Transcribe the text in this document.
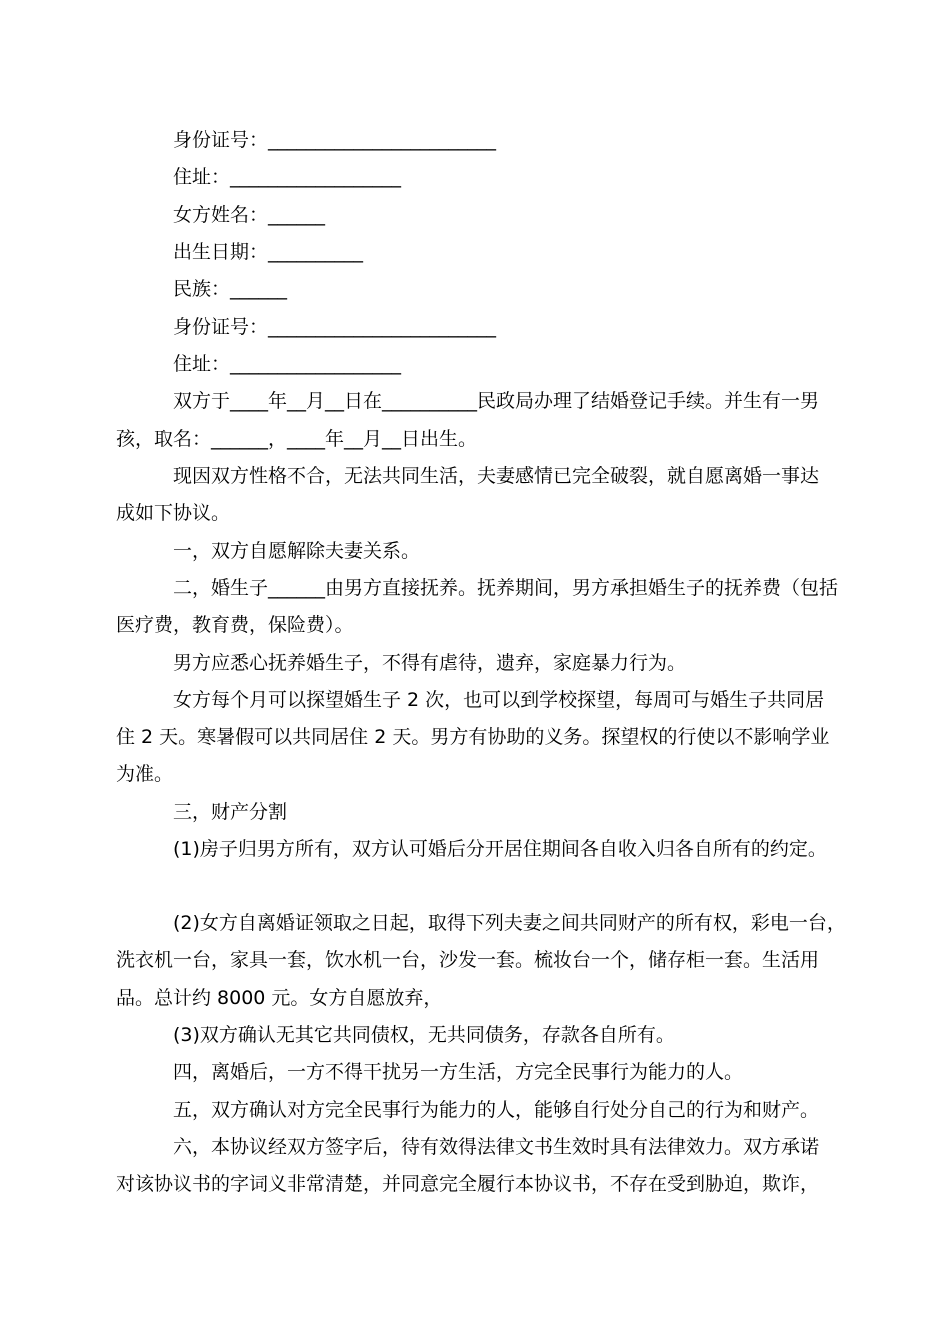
身份证号：________________________
住址：__________________
女方姓名：______
出生日期：__________
民族：______
身份证号：________________________
住址：__________________
双方于____年__月__日在__________民政局办理了结婚登记手续。并生有一男
孩，取名：______，____年__月__日出生。
现因双方性格不合，无法共同生活，夫妻感情已完全破裂，就自愿离婚一事达
成如下协议。
一，双方自愿解除夫妻关系。
二，婚生子______由男方直接抚养。抚养期间，男方承担婚生子的抚养费（包括
医疗费，教育费，保险费）。
男方应悉心抚养婚生子，不得有虐待，遗弃，家庭暴力行为。
女方每个月可以探望婚生子 2 次，也可以到学校探望，每周可与婚生子共同居
住 2 天。寒暑假可以共同居住 2 天。男方有协助的义务。探望权的行使以不影响学业
为准。
三，财产分割
(1)房子归男方所有，双方认可婚后分开居住期间各自收入归各自所有的约定。
(2)女方自离婚证领取之日起，取得下列夫妻之间共同财产的所有权，彩电一台，
洗衣机一台，家具一套，饮水机一台，沙发一套。梳妆台一个，储存柜一套。生活用
品。总计约 8000 元。女方自愿放弃，
(3)双方确认无其它共同债权，无共同债务，存款各自所有。
四，离婚后，一方不得干扰另一方生活，方完全民事行为能力的人。
五，双方确认对方完全民事行为能力的人，能够自行处分自己的行为和财产。
六，本协议经双方签字后，待有效得法律文书生效时具有法律效力。双方承诺
对该协议书的字词义非常清楚，并同意完全履行本协议书，不存在受到胁迫，欺诈，
